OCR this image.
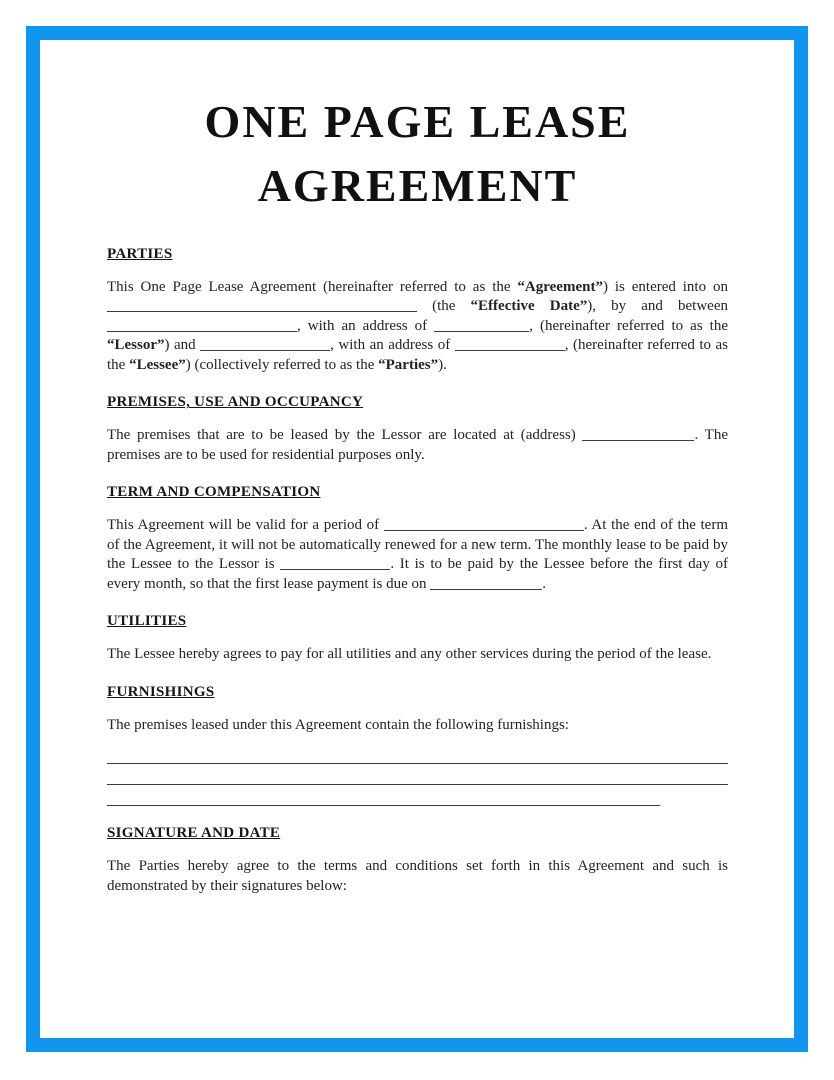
ONE PAGE LEASE
AGREEMENT
PARTIES

This One Page Lease Agreement (hereinafter referred to as the “Agreement”) is entered into on  (the “Effective Date”), by and between , with an address of	, (hereinafter referred to as the “Lessor”) and	, with an address of	, (hereinafter referred to as the “Lessee”) (collectively referred to as the “Parties”).

PREMISES, USE AND OCCUPANCY

The premises that are to be leased by the Lessor are located at (address)	. The premises are to be used for residential purposes only.

TERM AND COMPENSATION

This Agreement will be valid for a period of	. At the end of the term of the Agreement, it will not be automatically renewed for a new term. The monthly lease to be paid by the Lessee to the Lessor is	. It is to be paid by the Lessee before the first day of every month, so that the first lease payment is due on	.

UTILITIES

The Lessee hereby agrees to pay for all utilities and any other services during the period of the lease.

FURNISHINGS

The premises leased under this Agreement contain the following furnishings:

SIGNATURE AND DATE

The Parties hereby agree to the terms and conditions set forth in this Agreement and such is demonstrated by their signatures below:
